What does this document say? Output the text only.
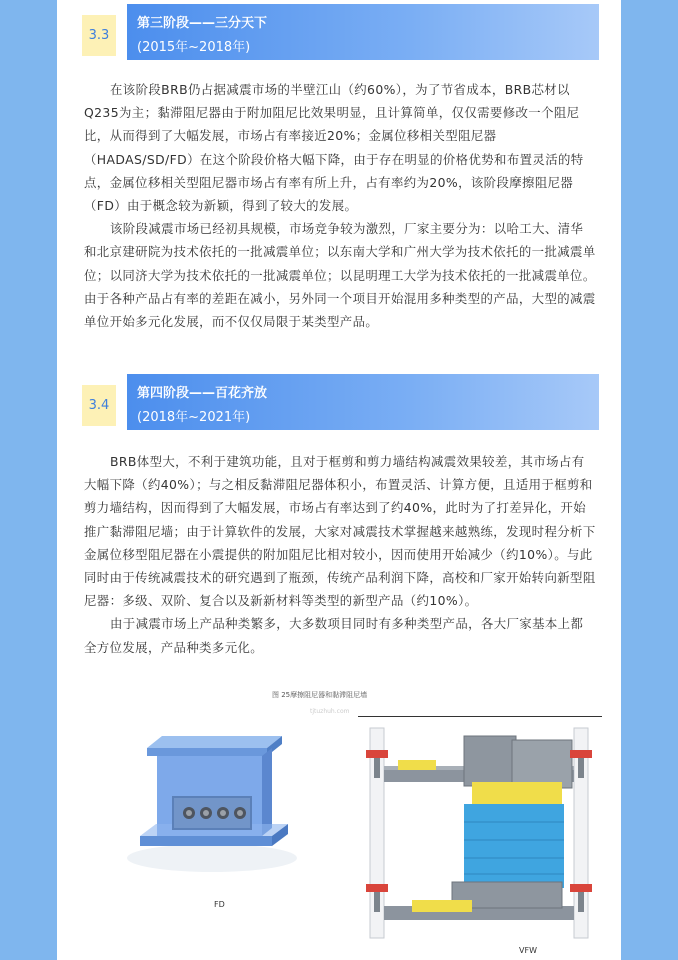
3.3
第三阶段——三分天下
(2015年~2018年)

在该阶段BRB仍占据减震市场的半壁江山（约60%），为了节省成本，BRB芯材以Q235为主；黏滞阻尼器由于附加阻尼比效果明显，且计算简单，仅仅需要修改一个阻尼比，从而得到了大幅发展，市场占有率接近20%；金属位移相关型阻尼器（HADAS/SD/FD）在这个阶段价格大幅下降，由于存在明显的价格优势和布置灵活的特点，金属位移相关型阻尼器市场占有率有所上升，占有率约为20%，该阶段摩擦阻尼器（FD）由于概念较为新颖，得到了较大的发展。

该阶段减震市场已经初具规模，市场竞争较为激烈，厂家主要分为：以哈工大、清华和北京建研院为技术依托的一批减震单位；以东南大学和广州大学为技术依托的一批减震单位；以同济大学为技术依托的一批减震单位；以昆明理工大学为技术依托的一批减震单位。

由于各种产品占有率的差距在减小，另外同一个项目开始混用多种类型的产品，大型的减震单位开始多元化发展，而不仅仅局限于某类型产品。

3.4
第四阶段——百花齐放
(2018年~2021年)

BRB体型大，不利于建筑功能，且对于框剪和剪力墙结构减震效果较差，其市场占有大幅下降（约40%）；与之相反黏滞阻尼器体积小，布置灵活、计算方便，且适用于框剪和剪力墙结构，因而得到了大幅发展，市场占有率达到了约40%，此时为了打差异化，开始推广黏滞阻尼墙；由于计算软件的发展，大家对减震技术掌握越来越熟练，发现时程分析下金属位移型阻尼器在小震提供的附加阻尼比相对较小，因而使用开始减少（约10%）。与此同时由于传统减震技术的研究遇到了瓶颈，传统产品利润下降，高校和厂家开始转向新型阻尼器：多级、双阶、复合以及新新材料等类型的新型产品（约10%）。

由于减震市场上产品种类繁多，大多数项目同时有多种类型产品，各大厂家基本上都全方位发展，产品种类多元化。

图 25摩擦阻尼器和黏滞阻尼墙
tjtuzhuh.com
FD
VFW
